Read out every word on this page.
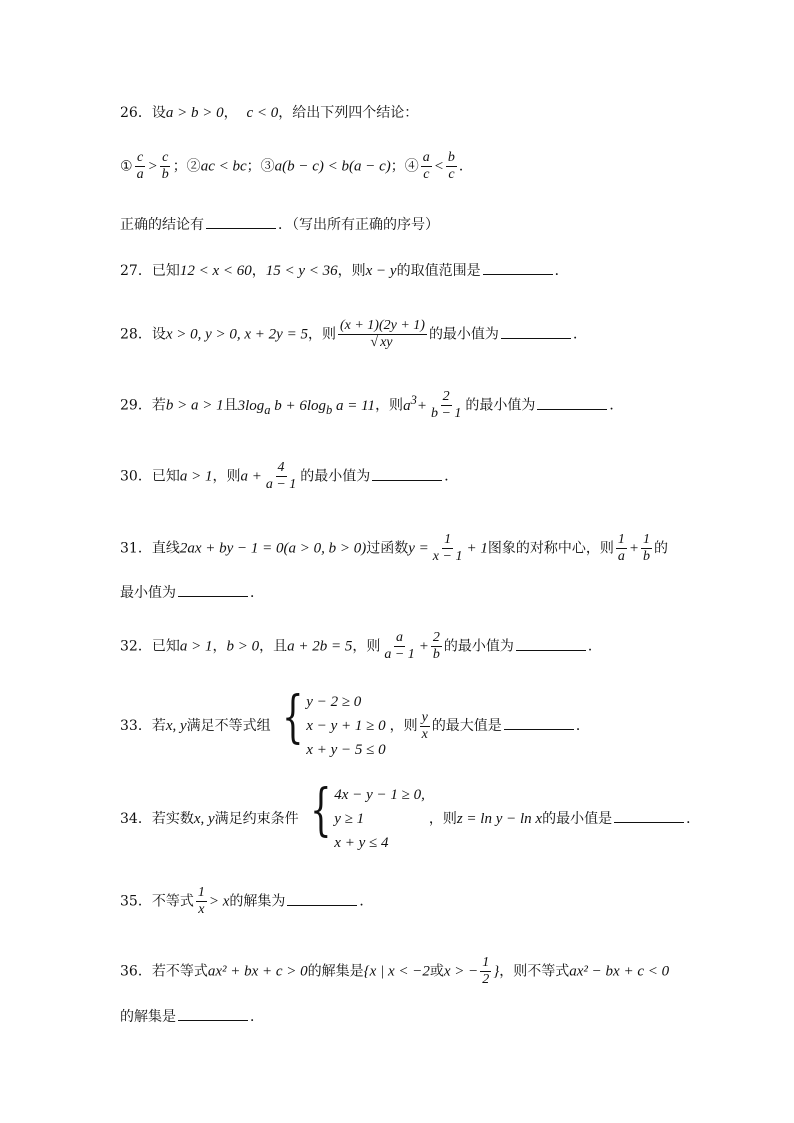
26．设a > b > 0， c < 0，给出下列四个结论：
① $\frac{c}{a} > \frac{c}{b}$ ；②ac < bc；③a(b − c) < b(a − c)；④ $\frac{a}{c} < \frac{b}{c}$ ．
正确的结论有	．（写出所有正确的序号）
27．已知12 < x < 60，15 < y < 36，则x − y的取值范围是	．
28．设x > 0, y > 0, x + 2y = 5，则 $\frac{(x + 1)(2y + 1)}{√ xy}$ 的最小值为	．
29．若b > a > 1且$3\log_a$ $b + 6\log_b$ a = 11，则$a^3+ \frac{2}{b - 1}$ 的最小值为	．
30．已知a > 1，则$a + \frac{4}{a - 1}$ 的最小值为	．
31．直线2ax + by − 1 = 0(a > 0, b > 0)过函数$y = \frac{1}{x - 1} + 1$图象的对称中心，则 $\frac{1}{a} + \frac{1}{b}$ 的
最小值为	．
32．已知a > 1，b > 0，且a + 2b = 5，则 $\frac{a}{a - 1} + \frac{2}{b}$ 的最小值为	．
33．若x, y满足不等式组 { y − 2 ≥ 0
x − y + 1 ≥ 0
x + y − 5 ≤ 0
，则 $\frac{y}{x}$ 的最大值是	．
34．若实数x, y满足约束条件 { 4x − y − 1 ≥ 0,
y ≥ 1
x + y ≤ 4
，则z = ln y − ln x的最小值是	．
35．不等式 $\frac{1}{x} > x$的解集为	．
36．若不等式ax² + bx + c > 0的解集是{x | x < −2或x > − $\frac{1}{2}$ }，则不等式ax² − bx + c < 0
的解集是	．
